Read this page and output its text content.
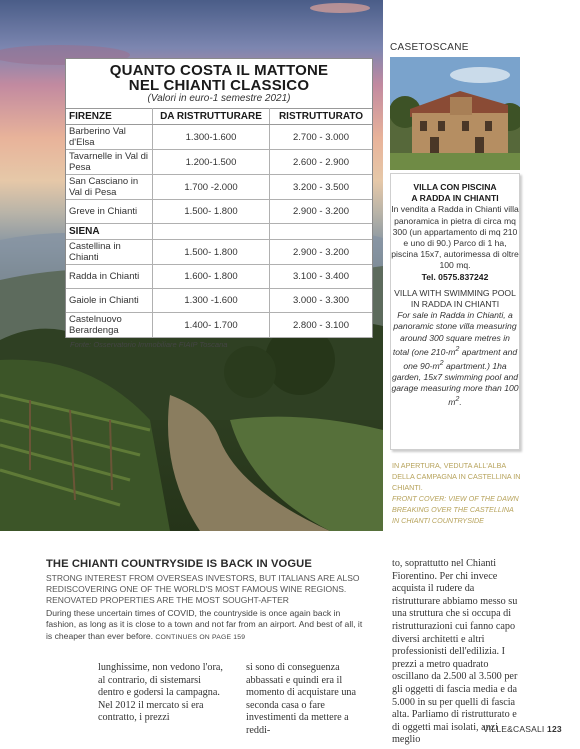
QUANTO COSTA IL MATTONE
NEL CHIANTI CLASSICO
(Valori in euro-1 semestre 2021)
FIRENZE	DA RISTRUTTURARE	RISTRUTTURATO
Barberino Val d'Elsa	1.300-1.600	2.700 - 3.000
Tavarnelle in Val di Pesa	1.200-1.500	2.600 - 2.900
San Casciano in Val di Pesa	1.700 -2.000	3.200 - 3.500
Greve in Chianti	1.500- 1.800	2.900 - 3.200
SIENA		
Castellina in Chianti	1.500- 1.800	2.900 - 3.200
Radda in Chianti	1.600- 1.800	3.100 - 3.400
Gaiole in Chianti	1.300 -1.600	3.000 - 3.300
Castelnuovo Berardenga	1.400- 1.700	2.800 - 3.100
Fonte: Osservatorio Immobiliare FIAIP Toscana
CASETOSCANE

VILLA CON PISCINA

A RADDA IN CHIANTI

In vendita a Radda in Chianti villa panoramica in pietra di circa mq 300 (un appartamento di mq 210 e uno di 90.) Parco di 1 ha, piscina 15x7, autorimessa di oltre 100 mq.

Tel. 0575.837242

VILLA WITH SWIMMING POOL

IN RADDA IN CHIANTI

For sale in Radda in Chianti, a panoramic stone villa measuring around 300 square metres in total (one $210-m^2$ apartment and one $90-m^2$ apartment.) 1ha garden, 15x7 swimming pool and garage measuring more than 100 $m^2$.

IN APERTURA, VEDUTA ALL'ALBA DELLA CAMPAGNA IN CASTELLINA IN CHIANTI.
FRONT COVER: VIEW OF THE DAWN BREAKING OVER THE CASTELLINA IN CHIANTI COUNTRYSIDE
THE CHIANTI COUNTRYSIDE IS BACK IN VOGUE
STRONG INTEREST FROM OVERSEAS INVESTORS, BUT ITALIANS ARE ALSO REDISCOVERING ONE OF THE WORLD'S MOST FAMOUS WINE REGIONS. RENOVATED PROPERTIES ARE THE MOST SOUGHT-AFTER
During these uncertain times of COVID, the countryside is once again back in fashion, as long as it is close to a town and not far from an airport. And best of all, it is cheaper than ever before. CONTINUES ON PAGE 159
lunghissime, non vedono l'ora, al contrario, di sistemarsi dentro e godersi la campagna. Nel 2012 il mercato si era contratto, i prezzi
si sono di conseguenza abbassati e quindi era il momento di acquistare una seconda casa o fare investimenti da mettere a reddi-
to, soprattutto nel Chianti Fiorentino. Per chi invece acquista il rudere da ristrutturare abbiamo messo su una struttura che si occupa di ristrutturazioni cui fanno capo diversi architetti e altri professionisti dell'edilizia. I prezzi a metro quadrato oscillano da 2.500 al 3.500 per gli oggetti di fascia media e da 5.000 in su per quelli di fascia alta. Parliamo di ristrutturato e di oggetti mai isolati, anzi meglio
VILLE&CASALI 123
